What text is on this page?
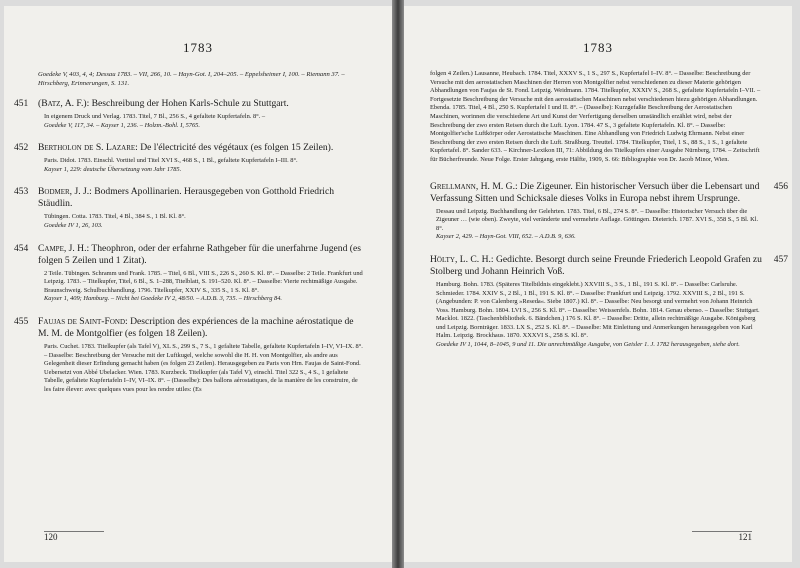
1783
Goedeke V, 403, 4, 4; Dessau 1783. – VII, 266, 10. – Hayn-Got. I, 204–205. – Eppelsheimer I, 100. – Riemann 37. – Hirschberg, Erinnerungen, S. 131.
451 (Batz, A. F.): Beschreibung der Hohen Karls-Schule zu Stuttgart.
In eigenem Druck und Verlag. 1783. Titel, 7 Bl., 256 S., 4 gefaltete Kupfertafeln. 8°. –
Goedeke V, 117, 34. – Kayser 1, 236. – Holzm.-Bohl. I, 5765.
452 Bertholon de S. Lazare: De l'électricité des végétaux (es folgen 15 Zeilen).
Paris. Didot. 1783. Einschl. Vortitel und Titel XVI S., 468 S., 1 Bl., gefaltete Kupfertafeln I–III. 8°.
Kayser 1, 229: deutsche Übersetzung vom Jahr 1785.
453 Bodmer, J. J.: Bodmers Apollinarien. Herausgegeben von Gotthold Friedrich Stäudlin.
Tübingen. Cotta. 1783. Titel, 4 Bl., 384 S., 1 Bl. Kl. 8°.
Goedeke IV 1, 26, 103.
454 Campe, J. H.: Theophron, oder der erfahrne Rathgeber für die unerfahrne Jugend (es folgen 5 Zeilen und 1 Zitat).
2 Teile. Tübingen. Schramm und Frank. 1785. – Titel, 6 Bl., VIII S., 226 S., 260 S. Kl. 8°. – Dasselbe: 2 Teile. Frankfurt und Leipzig. 1783. – Titelkupfer, Titel, 6 Bl., S. 1–288, Titelblatt, S. 191–520. Kl. 8°. – Dasselbe: Vierte rechtmäßige Ausgabe. Braunschweig. Schulbuchhandlung. 1796. Titelkupfer, XXIV S., 335 S., 1 S. Kl. 8°.
Kayser 1, 409; Hamburg. – Nicht bei Goedeke IV 2, 48/50. – A.D.B. 3, 735. – Hirschberg 84.
455 Faujas de Saint-Fond: Description des expériences de la machine aérostatique de M. M. de Montgolfier (es folgen 18 Zeilen).
Paris. Cuchet. 1783. Titelkupfer (als Tafel V), XL S., 299 S., 7 S., 1 gefaltete Tabelle, gefaltete Kupfertafeln I–IV, VI–IX. 8°. – Dasselbe: Beschreibung der Versuche mit der Luftkugel, welche sowohl die H. H. von Montgolfier, als andre aus Gelegenheit dieser Erfindung gemacht haben (es folgen 23 Zeilen). Herausgegeben zu Paris von Hrn. Faujas de Saint-Fond. Uebersetzt von Abbé Ubelacker. Wien. 1783. Kurzbeck. Titelkupfer (als Tafel V), einschl. Titel 322 S., 4 S., 1 gefaltete Tabelle, gefaltete Kupfertafeln I–IV, VI–IX. 8°. – (Dasselbe): Des ballons aérostatiques, de la manière de les construire, de les faire élever: avec quelques vues pour les rendre utiles: (Es
120
1783
folgen 4 Zeilen.) Lausanne, Heubach. 1784. Titel, XXXV S., 1 S., 297 S., Kupfertafel I–IV. 8°. – Dasselbe: Beschreibung der Versuche mit den aerostatischen Maschinen der Herren von Montgolfier nebst verschiedenen zu dieser Materie gehörigen Abhandlungen von Faujas de St. Fond. Leipzig. Weidmann. 1784. Titelkupfer, XXXIV S., 268 S., gefaltete Kupfertafeln I–VII. – Fortgesetzte Beschreibung der Versuche mit den aerostatischen Maschinen nebst verschiedenen hiezu gehörigen Abhandlungen. Ebenda. 1785. Titel, 4 Bl., 250 S. Kupfertafel I und II. 8°. – (Dasselbe): Kurzgefaßte Beschreibung der Aerostatischen Maschinen, worinnen die verschiedene Art und Kunst der Verfertigung derselben umständlich erzählet wird, nebst der Beschreibung der zwo ersten Reisen durch die Luft. Lyon. 1784. 47 S., 3 gefaltete Kupfertafeln. Kl. 8°. – Dasselbe: Montgolfier'sche Luftkörper oder Aerostatische Maschinen. Eine Abhandlung von Friedrich Ludwig Ehrmann. Nebst einer Beschreibung der zwo ersten Reisen durch die Luft. Straßburg. Treuttel. 1784. Titelkupfer, Titel, 1 S., 88 S., 1 S., 1 gefaltete Kupfertafel. 8°. Sander 633. – Kirchner-Lexikon III, 71: Abbildung des Titelkupfers einer Ausgabe Nürnberg, 1784. – Zeitschrift für Bücherfreunde. Neue Folge. Erster Jahrgang, erste Hälfte, 1909, S. 66: Bibliographie von Dr. Jacob Minor, Wien.
456
Grellmann, H. M. G.: Die Zigeuner. Ein historischer Versuch über die Lebensart und Verfassung Sitten und Schicksale dieses Volks in Europa nebst ihrem Ursprunge.
Dessau und Leipzig. Buchhandlung der Gelehrten. 1783. Titel, 6 Bl., 274 S. 8°. – Dasselbe: Historischer Versuch über die Zigeuner … (wie oben). Zweyte, viel veränderte und vermehrte Auflage. Göttingen. Dieterich. 1787. XVI S., 358 S., 5 Bl. Kl. 8°.
Kayser 2, 429. – Hayn-Got. VIII, 652. – A.D.B. 9, 636.
457
Hölty, L. C. H.: Gedichte. Besorgt durch seine Freunde Friederich Leopold Grafen zu Stolberg und Johann Heinrich Voß.
Hamburg. Bohn. 1783. (Späteres Titelbildnis eingeklebt.) XXVIII S., 3 S., 1 Bl., 191 S. Kl. 8°. – Dasselbe: Carlsruhe. Schmieder. 1784. XXIV S., 2 Bl., 1 Bl., 191 S. Kl. 8°. – Dasselbe: Frankfurt und Leipzig. 1792. XXVIII S., 2 Bl., 191 S. (Angebunden: P. von Calenberg »Reseda«. Siebe 1807.) Kl. 8°. – Dasselbe: Neu besorgt und vermehrt von Johann Heinrich Voss. Hamburg. Bohn. 1804. LVI S., 256 S. Kl. 8°. – Dasselbe: Weissenfels. Bohn. 1814. Genau ebenso. – Dasselbe: Stuttgart. Macklot. 1822. (Taschenbibliothek. 6. Bändchen.) 176 S. Kl. 8°. – Dasselbe: Dritte, allein rechtmäßige Ausgabe. Königsberg und Leipzig. Bornträger. 1833. LX S., 252 S. Kl. 8°. – Dasselbe: Mit Einleitung und Anmerkungen herausgegeben von Karl Halm. Leipzig. Brockhaus. 1870. XXXVI S., 258 S. Kl. 8°.
Goedeke IV 1, 1044, 8–1045, 9 und 11. Die unrechtmäßige Ausgabe, von Geisler 1. J. 1782 herausgegeben, siehe dort.
121
